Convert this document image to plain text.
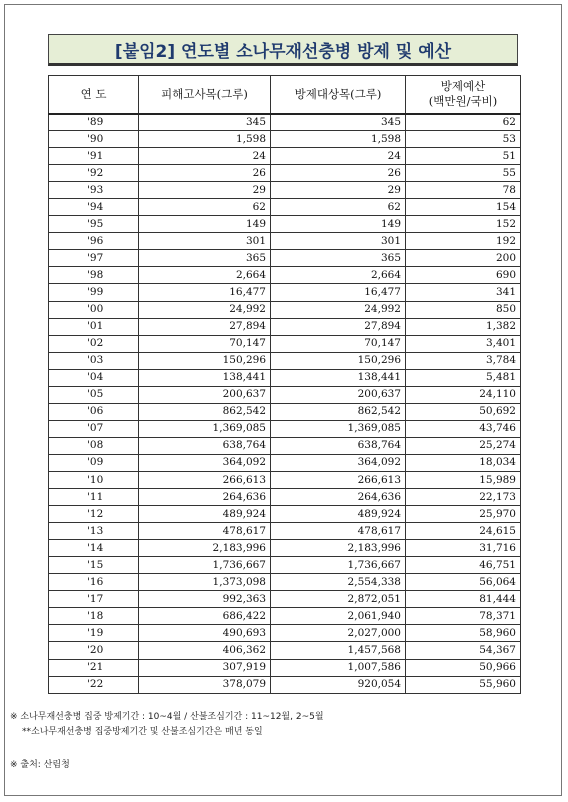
[붙임2] 연도별 소나무재선충병 방제 및 예산
연 도	피해고사목(그루)	방제대상목(그루)	방제예산
(백만원/국비)

'89	345	345	62
'90	1,598	1,598	53
'91	24	24	51
'92	26	26	55
'93	29	29	78
'94	62	62	154
'95	149	149	152
'96	301	301	192
'97	365	365	200
'98	2,664	2,664	690
'99	16,477	16,477	341
'00	24,992	24,992	850
'01	27,894	27,894	1,382
'02	70,147	70,147	3,401
'03	150,296	150,296	3,784
'04	138,441	138,441	5,481
'05	200,637	200,637	24,110
'06	862,542	862,542	50,692
'07	1,369,085	1,369,085	43,746
'08	638,764	638,764	25,274
'09	364,092	364,092	18,034
'10	266,613	266,613	15,989
'11	264,636	264,636	22,173
'12	489,924	489,924	25,970
'13	478,617	478,617	24,615
'14	2,183,996	2,183,996	31,716
'15	1,736,667	1,736,667	46,751
'16	1,373,098	2,554,338	56,064
'17	992,363	2,872,051	81,444
'18	686,422	2,061,940	78,371
'19	490,693	2,027,000	58,960
'20	406,362	1,457,568	54,367
'21	307,919	1,007,586	50,966
'22	378,079	920,054	55,960
※ 소나무재선충병 집중 방제기간 : 10~4월 / 산불조심기간 : 11~12월, 2~5월
**소나무재선충병 집중방제기간 및 산불조심기간은 매년 동일
※ 출처: 산림청
